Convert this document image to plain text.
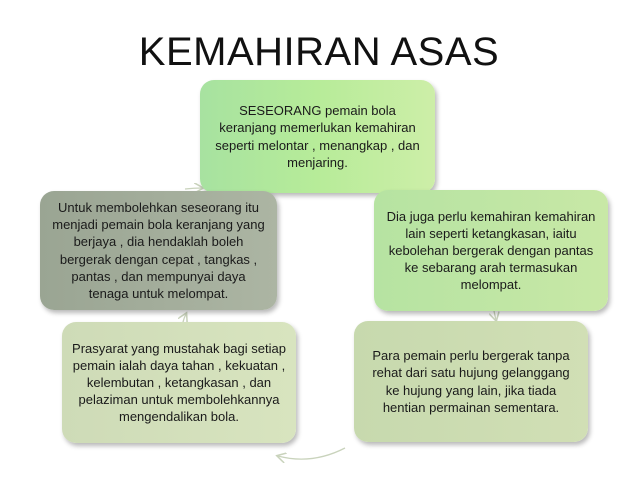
KEMAHIRAN ASAS
SESEORANG pemain bola keranjang memerlukan kemahiran seperti melontar , menangkap , dan menjaring.
Untuk membolehkan seseorang itu menjadi pemain bola keranjang yang berjaya , dia hendaklah boleh bergerak dengan cepat , tangkas , pantas , dan mempunyai daya tenaga untuk melompat.
Dia juga perlu kemahiran kemahiran lain seperti ketangkasan, iaitu kebolehan bergerak dengan pantas ke sebarang arah termasukan melompat.
Prasyarat yang mustahak bagi setiap pemain ialah daya tahan , kekuatan , kelembutan , ketangkasan , dan pelaziman untuk membolehkannya mengendalikan bola.
Para pemain perlu bergerak tanpa rehat dari satu hujung gelanggang ke hujung yang lain, jika tiada hentian permainan sementara.
